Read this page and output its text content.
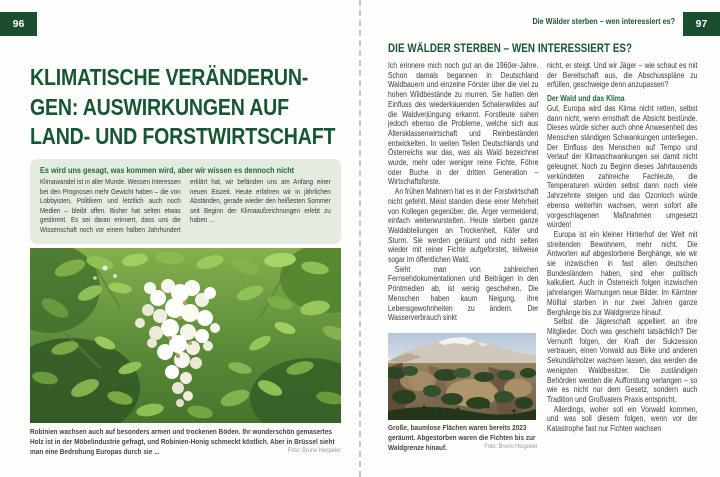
96
KLIMATISCHE VERÄNDERUN-
GEN: AUSWIRKUNGEN AUF
LAND- UND FORSTWIRTSCHAFT
Es wird uns gesagt, was kommen wird, aber wir wissen es dennoch nicht
Klimawandel ist in aller Munde. Wessen Interessen bei den Prognosen mehr Gewicht haben – die von Lobbyisten, Politikern und letztlich auch noch Medien – bleibt offen. Bisher hat selten etwas gestimmt. Es sei daran erinnert, dass uns die Wissenschaft noch vor einem halben Jahrhundert erklärt hat, wir befänden uns am Anfang einer neuen Eiszeit. Heute erfahren wir in jährlichen Abständen, gerade wieder den heißesten Sommer seit Beginn der Klimaaufzeichnungen erlebt zu haben ...
Robinien wachsen auch auf besonders armen und trockenen Böden. Ihr wunderschön gemasertes Holz ist in der Möbelindustrie gefragt, und Robinien-Honig schmeckt köstlich. Aber in Brüssel sieht man eine Bedrohung Europas durch sie ...	Foto: Bruno Hespeler
Die Wälder sterben – wen interessiert es?	97
DIE WÄLDER STERBEN – WEN INTERESSIERT ES?

Ich erinnere mich noch gut an die 1960er-Jahre. Schon damals begannen in Deutschland Waldbauern und einzelne Förster über die viel zu hohen Wildbestände zu murren. Sie hatten den Einfluss des wiederkäuenden Schalenwildes auf die Waldverjüngung erkannt. Forstleute sahen jedoch ebenso die Probleme, welche sich aus Altersklassenwirtschaft und Reinbeständen entwickelten. In weiten Teilen Deutschlands und Österreichs war das, was als Wald bezeichnet wurde, mehr oder weniger reine Fichte, Föhre oder Buche in der dritten Generation – Wirtschaftsforste.

An frühen Mahnern hat es in der Forstwirtschaft nicht gefehlt. Meist standen diese einer Mehrheit von Kollegen gegenüber, die, Ärger vermeidend, einfach weiterwurstelten. Heute sterben ganze Waldabteilungen an Trockenheit, Käfer und Sturm. Sie werden geräumt und nicht selten wieder mit reiner Fichte aufgeforstet, teilweise sogar im öffentlichen Wald.

Sieht man von zahlreichen Fernsehdokumentationen und Beiträgen in den Printmedien ab, ist wenig geschehen. Die Menschen haben kaum Neigung, ihre Lebensgewohnheiten zu ändern. Der Wasserverbrauch sinkt

Große, baumlose Flächen waren bereits 2023 geräumt. Abgestorben waren die Fichten bis zur Waldgrenze hinauf.	Foto: Bruno Hespeler

nicht, er steigt. Und wir Jäger – wie schaut es mit der Bereitschaft aus, die Abschusspläne zu erfüllen, geschweige denn anzupassen?

Der Wald und das Klima

Gut, Europa wird das Klima nicht retten, selbst dann nicht, wenn ernsthaft die Absicht bestünde. Dieses würde sicher auch ohne Anwesenheit des Menschen ständigen Schwankungen unterliegen. Der Einfluss des Menschen auf Tempo und Verlauf der Klimaschwankungen sei damit nicht geleugnet. Noch zu Beginn dieses Jahrtausends verkündeten zahlreiche Fachleute, die Temperaturen würden selbst dann noch viele Jahrzehnte steigen und das Ozonloch würde ebenso weiterhin wachsen, wenn sofort alle vorgeschlagenen Maßnahmen umgesetzt würden!

Europa ist ein kleiner Hinterhof der Welt mit streitenden Bewohnern, mehr nicht. Die Antworten auf abgestorbene Berghänge, wie wir sie inzwischen in fast allen deutschen Bundesländern haben, sind eher politisch kalkuliert. Auch in Österreich folgen inzwischen jahrelangen Warnungen neue Bilder. Im Kärntner Mölltal starben in nur zwei Jahren ganze Berghänge bis zur Waldgrenze hinauf.

Selbst die Jägerschaft appelliert an ihre Mitglieder. Doch was geschieht tatsächlich? Der Vernunft folgen, der Kraft der Sukzession vertrauen, einen Vorwald aus Birke und anderen Sekundärholzer wachsen lassen, das werden die wenigsten Waldbesitzer. Die zuständigen Behörden werden die Aufforstung verlangen – so wie es nicht nur dem Gesetz, sondern auch Tradition und Großvaters Praxis entspricht.

Allerdings, woher soll ein Vorwald kommen, und was soll diesem folgen, wenn vor der Katastrophe fast nur Fichten wachsen
